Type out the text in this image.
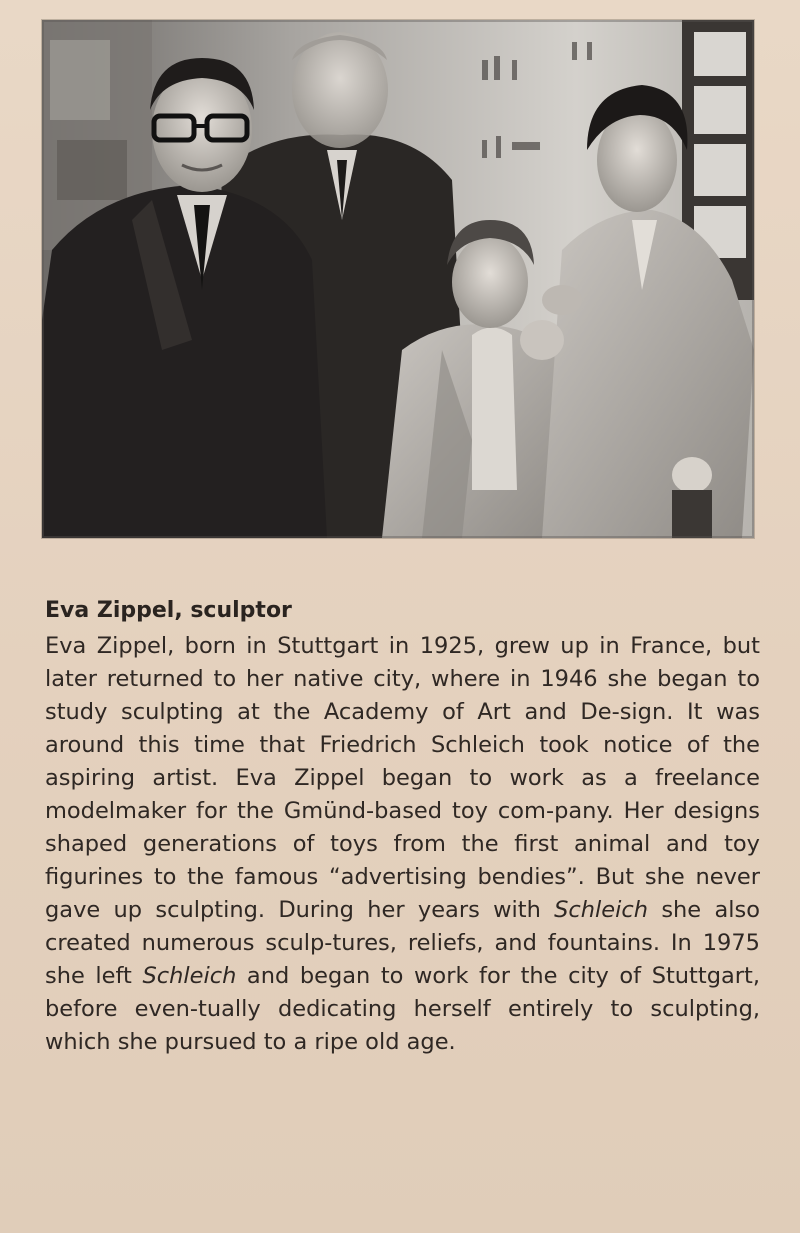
Eva Zippel, sculptor

Eva Zippel, born in Stuttgart in 1925, grew up in France, but later returned to her native city, where in 1946 she began to study sculpting at the Academy of Art and De-sign. It was around this time that Friedrich Schleich took notice of the aspiring artist. Eva Zippel began to work as a freelance modelmaker for the Gmünd-based toy com-pany. Her designs shaped generations of toys from the first animal and toy figurines to the famous “advertising bendies”. But she never gave up sculpting. During her years with Schleich she also created numerous sculp-tures, reliefs, and fountains. In 1975 she left Schleich and began to work for the city of Stuttgart, before even-tually dedicating herself entirely to sculpting, which she pursued to a ripe old age.
